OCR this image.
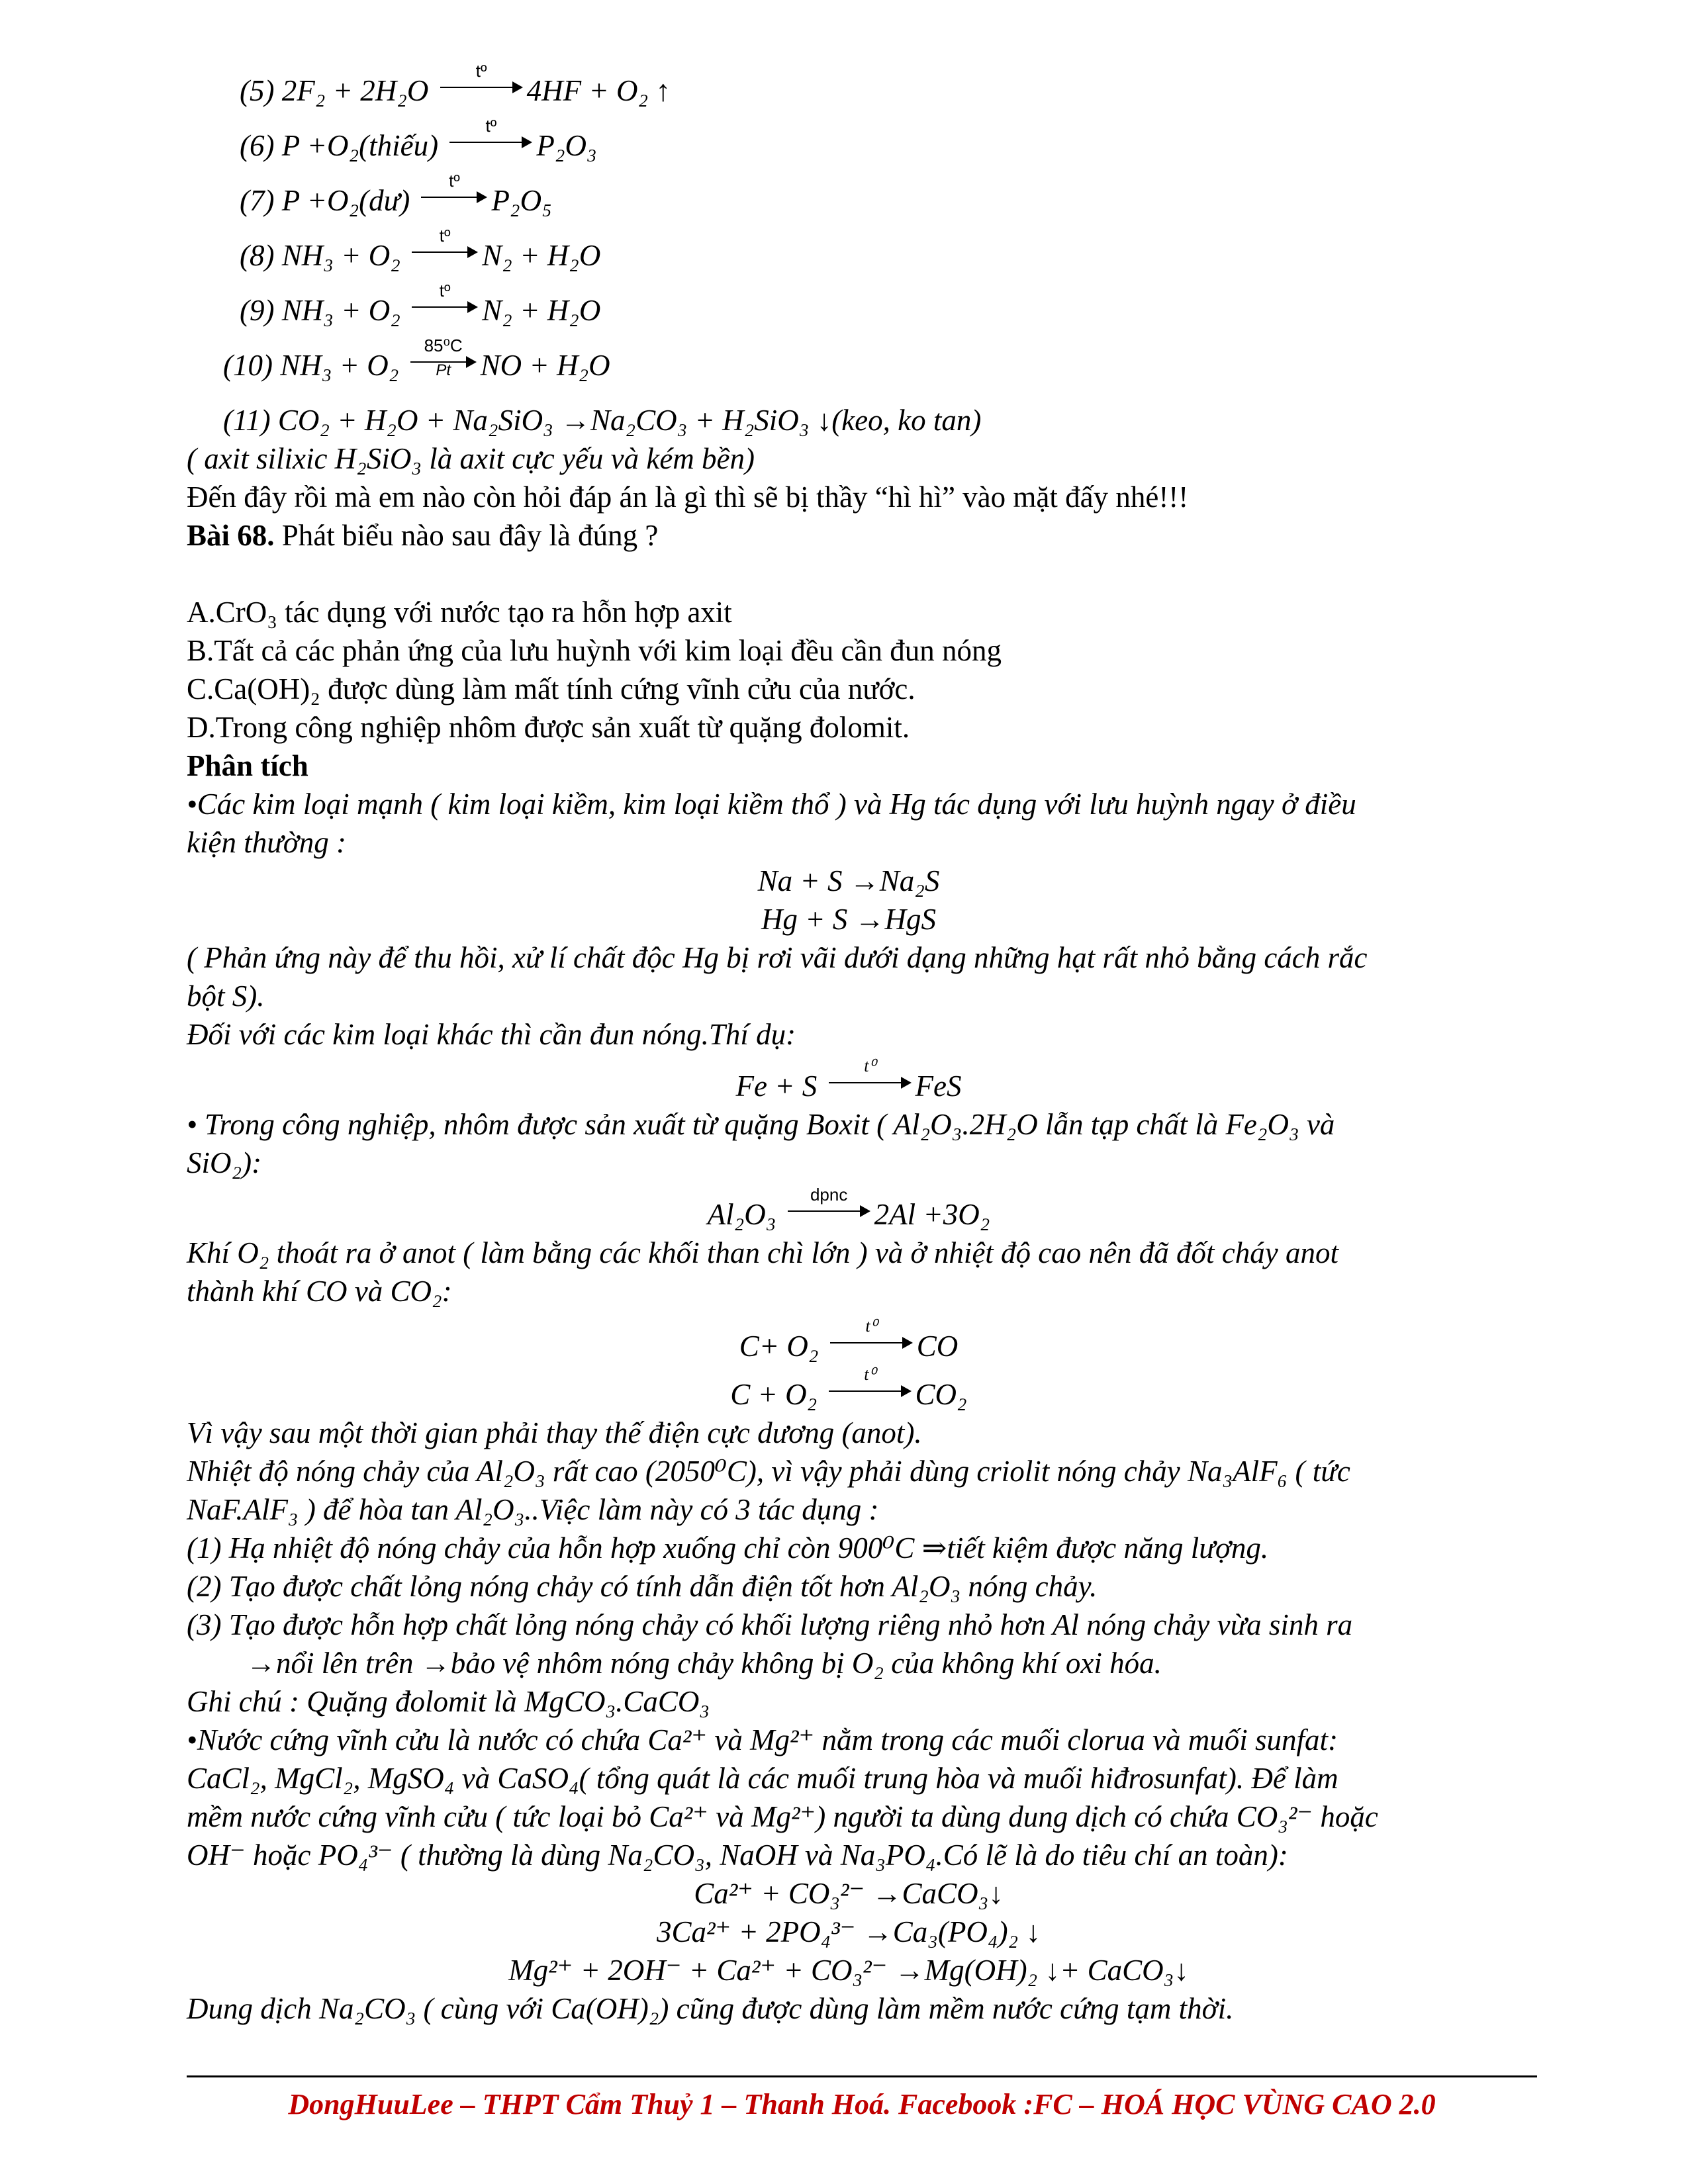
(5) 2F₂ + 2H₂O
tº
4HF + O₂ ↑
(6) P +O₂(thiếu)
tº
P₂O₃
(7) P +O₂(dư)
tº
P₂O₅
(8) NH₃ + O₂
tº
N₂ + H₂O
(9) NH₃ + O₂
tº
N₂ + H₂O
(10) NH₃ + O₂
85⁰C
Pt NO + H₂O
(11) CO₂ + H₂O + Na₂SiO₃ →Na₂CO₃ + H₂SiO₃ ↓(keo, ko tan)
( axit silixic H₂SiO₃ là axit cực yếu và kém bền)
Đến đây rồi mà em nào còn hỏi đáp án là gì thì sẽ bị thầy “hì hì” vào mặt đấy nhé!!!
Bài 68. Phát biểu nào sau đây là đúng ?
A.CrO₃ tác dụng với nước tạo ra hỗn hợp axit
B.Tất cả các phản ứng của lưu huỳnh với kim loại đều cần đun nóng
C.Ca(OH)₂ được dùng làm mất tính cứng vĩnh cửu của nước.
D.Trong công nghiệp nhôm được sản xuất từ quặng đolomit.
Phân tích
•Các kim loại mạnh ( kim loại kiềm, kim loại kiềm thổ ) và Hg tác dụng với lưu huỳnh ngay ở điều
kiện thường :
Na + S →Na₂S
Hg + S →HgS
( Phản ứng này để thu hồi, xử lí chất độc Hg bị rơi vãi dưới dạng những hạt rất nhỏ bằng cách rắc
bột S).
Đối với các kim loại khác thì cần đun nóng.Thí dụ:
Fe + S
t⁰
FeS
• Trong công nghiệp, nhôm được sản xuất từ quặng Boxit ( Al₂O₃.2H₂O lẫn tạp chất là Fe₂O₃ và
SiO₂):
Al₂O₃
dpnc
2Al +3O₂
Khí O₂ thoát ra ở anot ( làm bằng các khối than chì lớn ) và ở nhiệt độ cao nên đã đốt cháy anot
thành khí CO và CO₂:
C+ O₂
t⁰
CO
C + O₂
t⁰
CO₂
Vì vậy sau một thời gian phải thay thế điện cực dương (anot).
Nhiệt độ nóng chảy của Al₂O₃ rất cao (2050⁰C), vì vậy phải dùng criolit nóng chảy Na₃AlF₆ ( tức
NaF.AlF₃ ) để hòa tan Al₂O₃..Việc làm này có 3 tác dụng :
(1) Hạ nhiệt độ nóng chảy của hỗn hợp xuống chỉ còn 900⁰C ⇒tiết kiệm được năng lượng.
(2) Tạo được chất lỏng nóng chảy có tính dẫn điện tốt hơn Al₂O₃ nóng chảy.
(3) Tạo được hỗn hợp chất lỏng nóng chảy có khối lượng riêng nhỏ hơn Al nóng chảy vừa sinh ra
→nổi lên trên →bảo vệ nhôm nóng chảy không bị O₂ của không khí oxi hóa.
Ghi chú : Quặng đolomit là MgCO₃.CaCO₃
•Nước cứng vĩnh cửu là nước có chứa Ca²⁺ và Mg²⁺ nằm trong các muối clorua và muối sunfat:
CaCl₂, MgCl₂, MgSO₄ và CaSO₄( tổng quát là các muối trung hòa và muối hiđrosunfat). Để làm
mềm nước cứng vĩnh cửu ( tức loại bỏ Ca²⁺ và Mg²⁺) người ta dùng dung dịch có chứa CO₃²⁻ hoặc
OH⁻ hoặc PO₄³⁻ ( thường là dùng Na₂CO₃, NaOH và Na₃PO₄.Có lẽ là do tiêu chí an toàn):
Ca²⁺ + CO₃²⁻ →CaCO₃↓
3Ca²⁺ + 2PO₄³⁻ →Ca₃(PO₄)₂ ↓
Mg²⁺ + 2OH⁻ + Ca²⁺ + CO₃²⁻ →Mg(OH)₂ ↓+ CaCO₃↓
Dung dịch Na₂CO₃ ( cùng với Ca(OH)₂) cũng được dùng làm mềm nước cứng tạm thời.
DongHuuLee – THPT Cẩm Thuỷ 1 – Thanh Hoá. Facebook :FC – HOÁ HỌC VÙNG CAO 2.0
